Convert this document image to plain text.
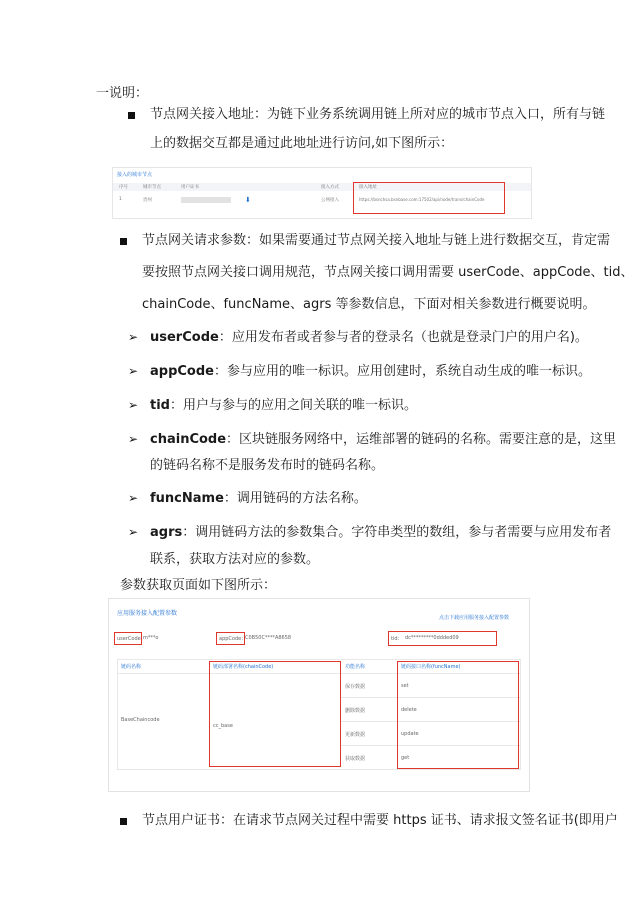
一说明：
节点网关接入地址：为链下业务系统调用链上所对应的城市节点入口，所有与链
上的数据交互都是通过此地址进行访问,如下图所示：
接入的城市节点
序号	城市节点	用户证书	接入方式	接入地址
1	贵州	⬇	公网接入	https://bsnchsa.bsnbase.com:17502/api/node/trans/chainCode
节点网关请求参数：如果需要通过节点网关接入地址与链上进行数据交互，肯定需
要按照节点网关接口调用规范，节点网关接口调用需要 userCode、appCode、tid、
chainCode、funcName、agrs 等参数信息，下面对相关参数进行概要说明。
➢ userCode：应用发布者或者参与者的登录名（也就是登录门户的用户名)。
➢ appCode：参与应用的唯一标识。应用创建时，系统自动生成的唯一标识。
➢ tid：用户与参与的应用之间关联的唯一标识。
➢ chainCode：区块链服务网络中，运维部署的链码的名称。需要注意的是，这里
的链码名称不是服务发布时的链码名称。
➢ funcName：调用链码的方法名称。
➢ agrs：调用链码方法的参数集合。字符串类型的数组，参与者需要与应用发布者
联系，获取方法对应的参数。
参数获取页面如下图所示：
应用服务接入配置参数
点击下载应用服务接入配置参数
userCode：
m***o	appCode：
C0B50C****A8658	tid： dc*********0ddded09
链码名称	链码部署名称(chainCode)	功能名称	链码接口名称(funcName)
BaseChaincode
cc_base
保存数据	set
删除数据	delete
更新数据	update
获取数据	get
节点用户证书：在请求节点网关过程中需要 https 证书、请求报文签名证书(即用户
